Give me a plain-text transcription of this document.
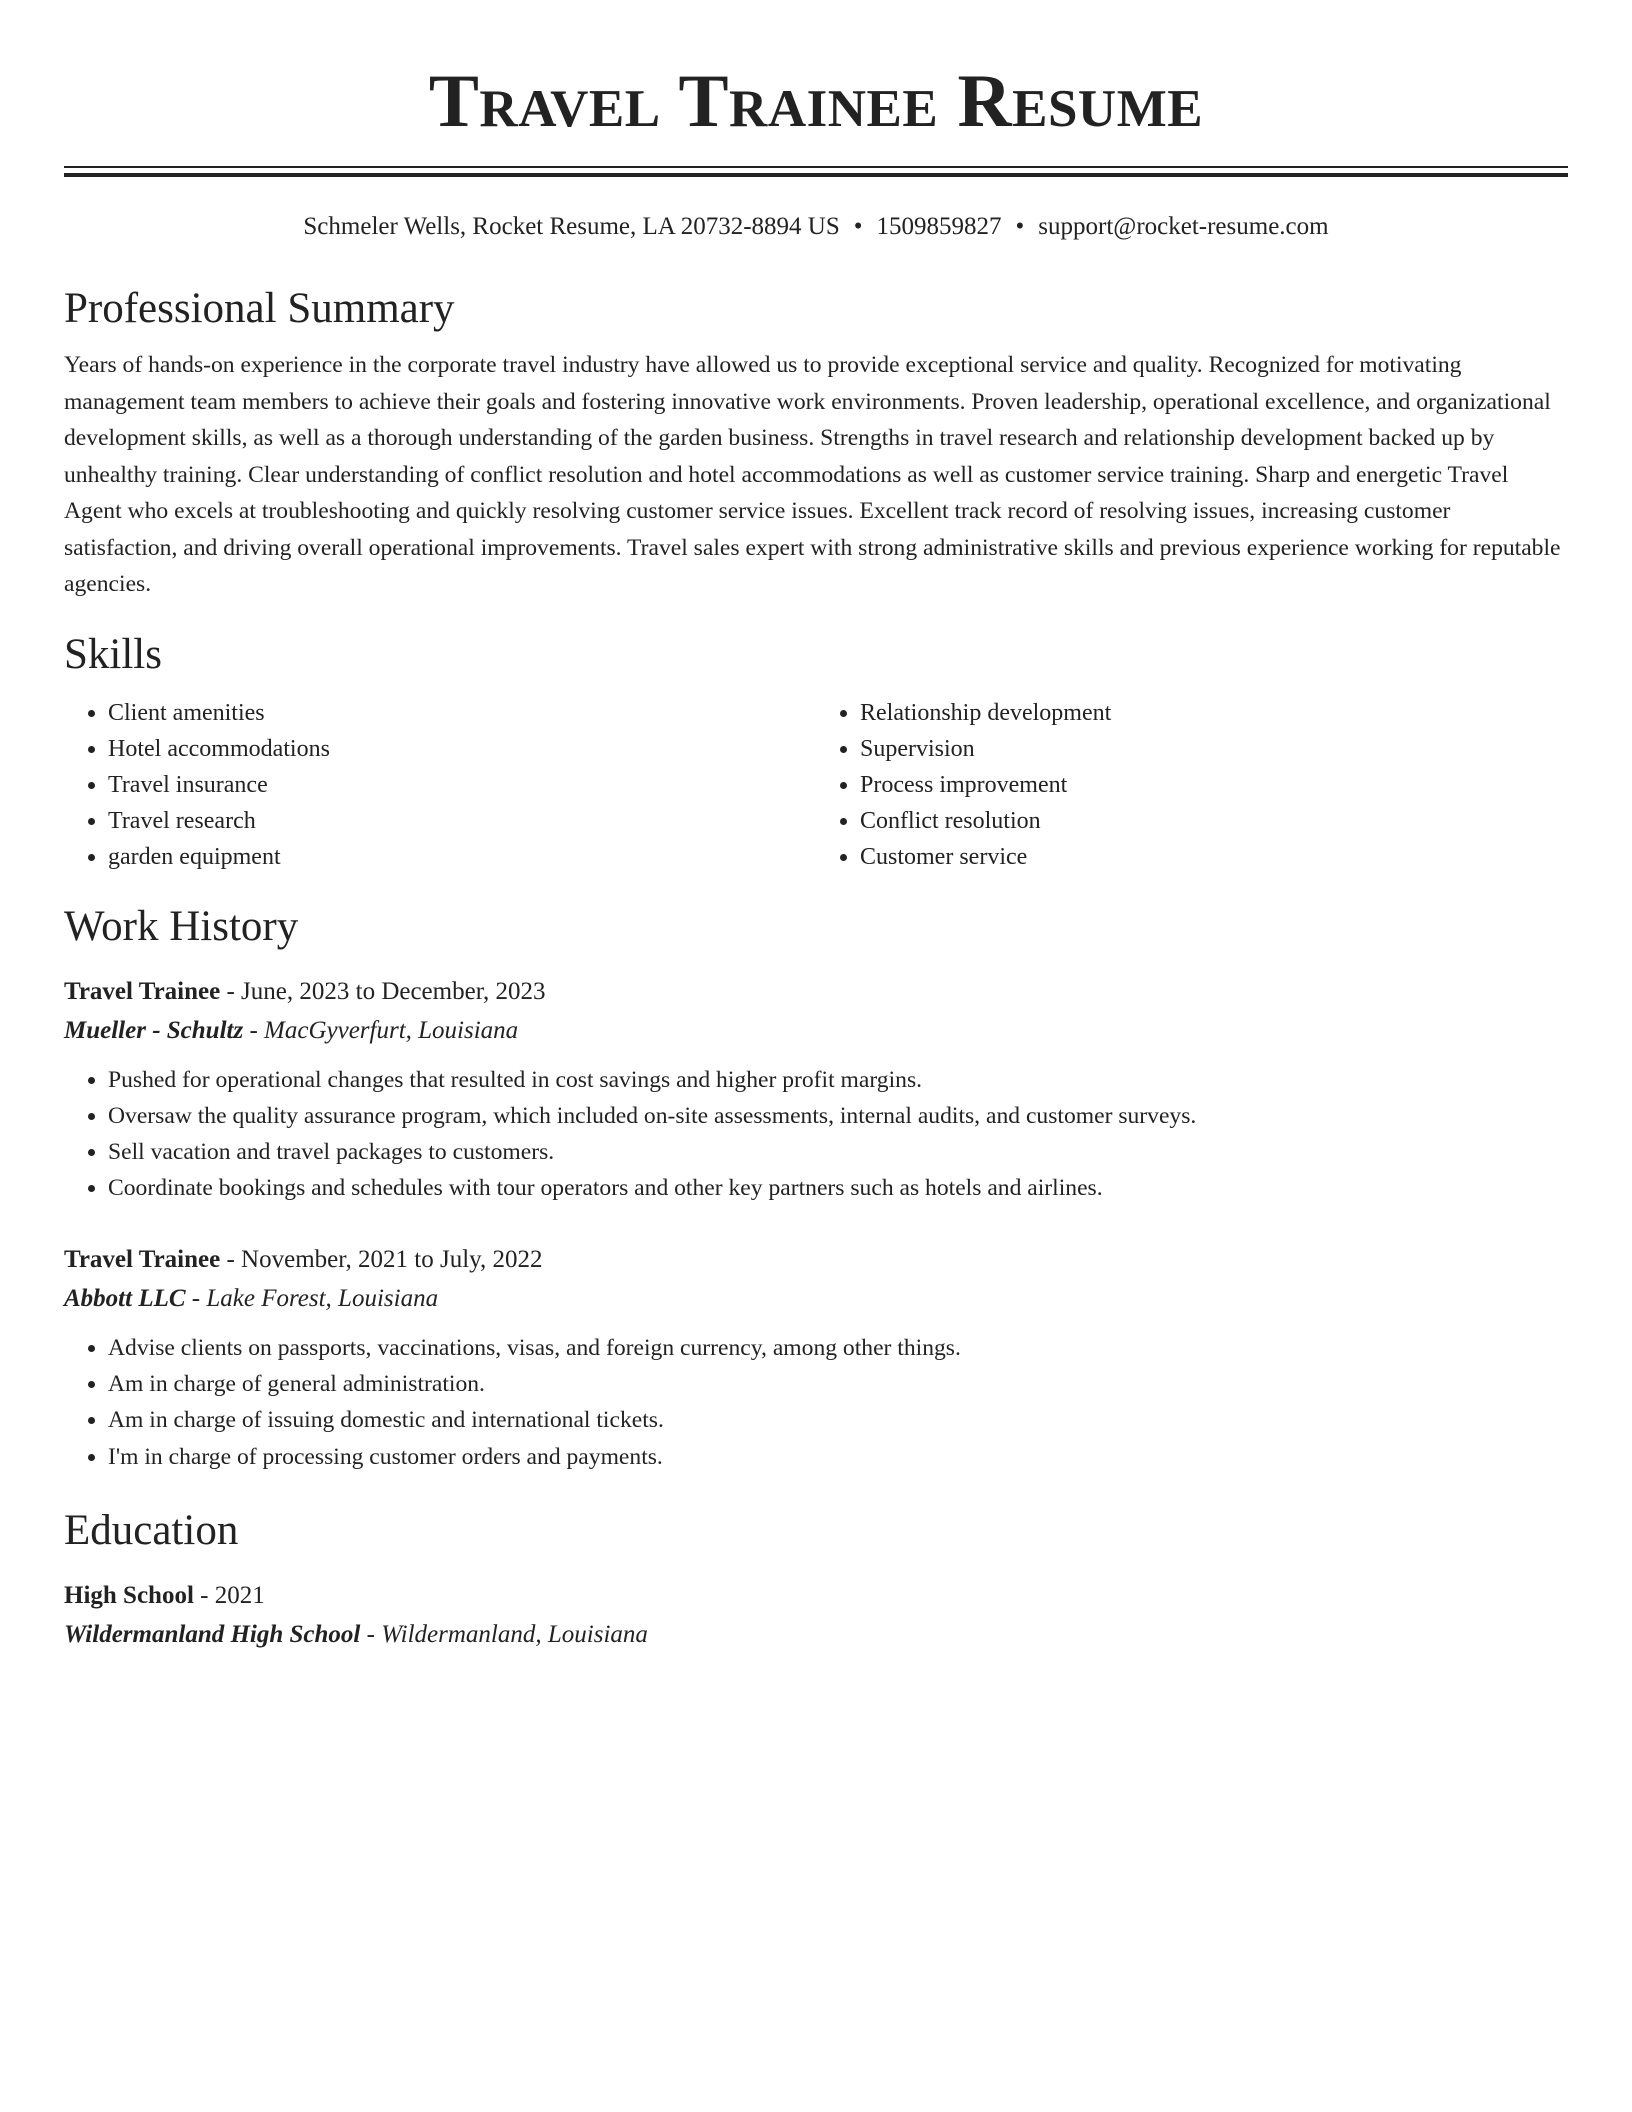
Travel Trainee Resume
Schmeler Wells, Rocket Resume, LA 20732-8894 US • 1509859827 • support@rocket-resume.com
Professional Summary

Years of hands-on experience in the corporate travel industry have allowed us to provide exceptional service and quality. Recognized for motivating management team members to achieve their goals and fostering innovative work environments. Proven leadership, operational excellence, and organizational development skills, as well as a thorough understanding of the garden business. Strengths in travel research and relationship development backed up by unhealthy training. Clear understanding of conflict resolution and hotel accommodations as well as customer service training. Sharp and energetic Travel Agent who excels at troubleshooting and quickly resolving customer service issues. Excellent track record of resolving issues, increasing customer satisfaction, and driving overall operational improvements. Travel sales expert with strong administrative skills and previous experience working for reputable agencies.

Skills
• Client amenities
• Hotel accommodations
• Travel insurance
• Travel research
• garden equipment
• Relationship development
• Supervision
• Process improvement
• Conflict resolution
• Customer service
Work History
Travel Trainee - June, 2023 to December, 2023
Mueller - Schultz - MacGyverfurt, Louisiana
• Pushed for operational changes that resulted in cost savings and higher profit margins.
• Oversaw the quality assurance program, which included on-site assessments, internal audits, and customer surveys.
• Sell vacation and travel packages to customers.
• Coordinate bookings and schedules with tour operators and other key partners such as hotels and airlines.
Travel Trainee - November, 2021 to July, 2022
Abbott LLC - Lake Forest, Louisiana
• Advise clients on passports, vaccinations, visas, and foreign currency, among other things.
• Am in charge of general administration.
• Am in charge of issuing domestic and international tickets.
• I'm in charge of processing customer orders and payments.
Education
High School - 2021
Wildermanland High School - Wildermanland, Louisiana
